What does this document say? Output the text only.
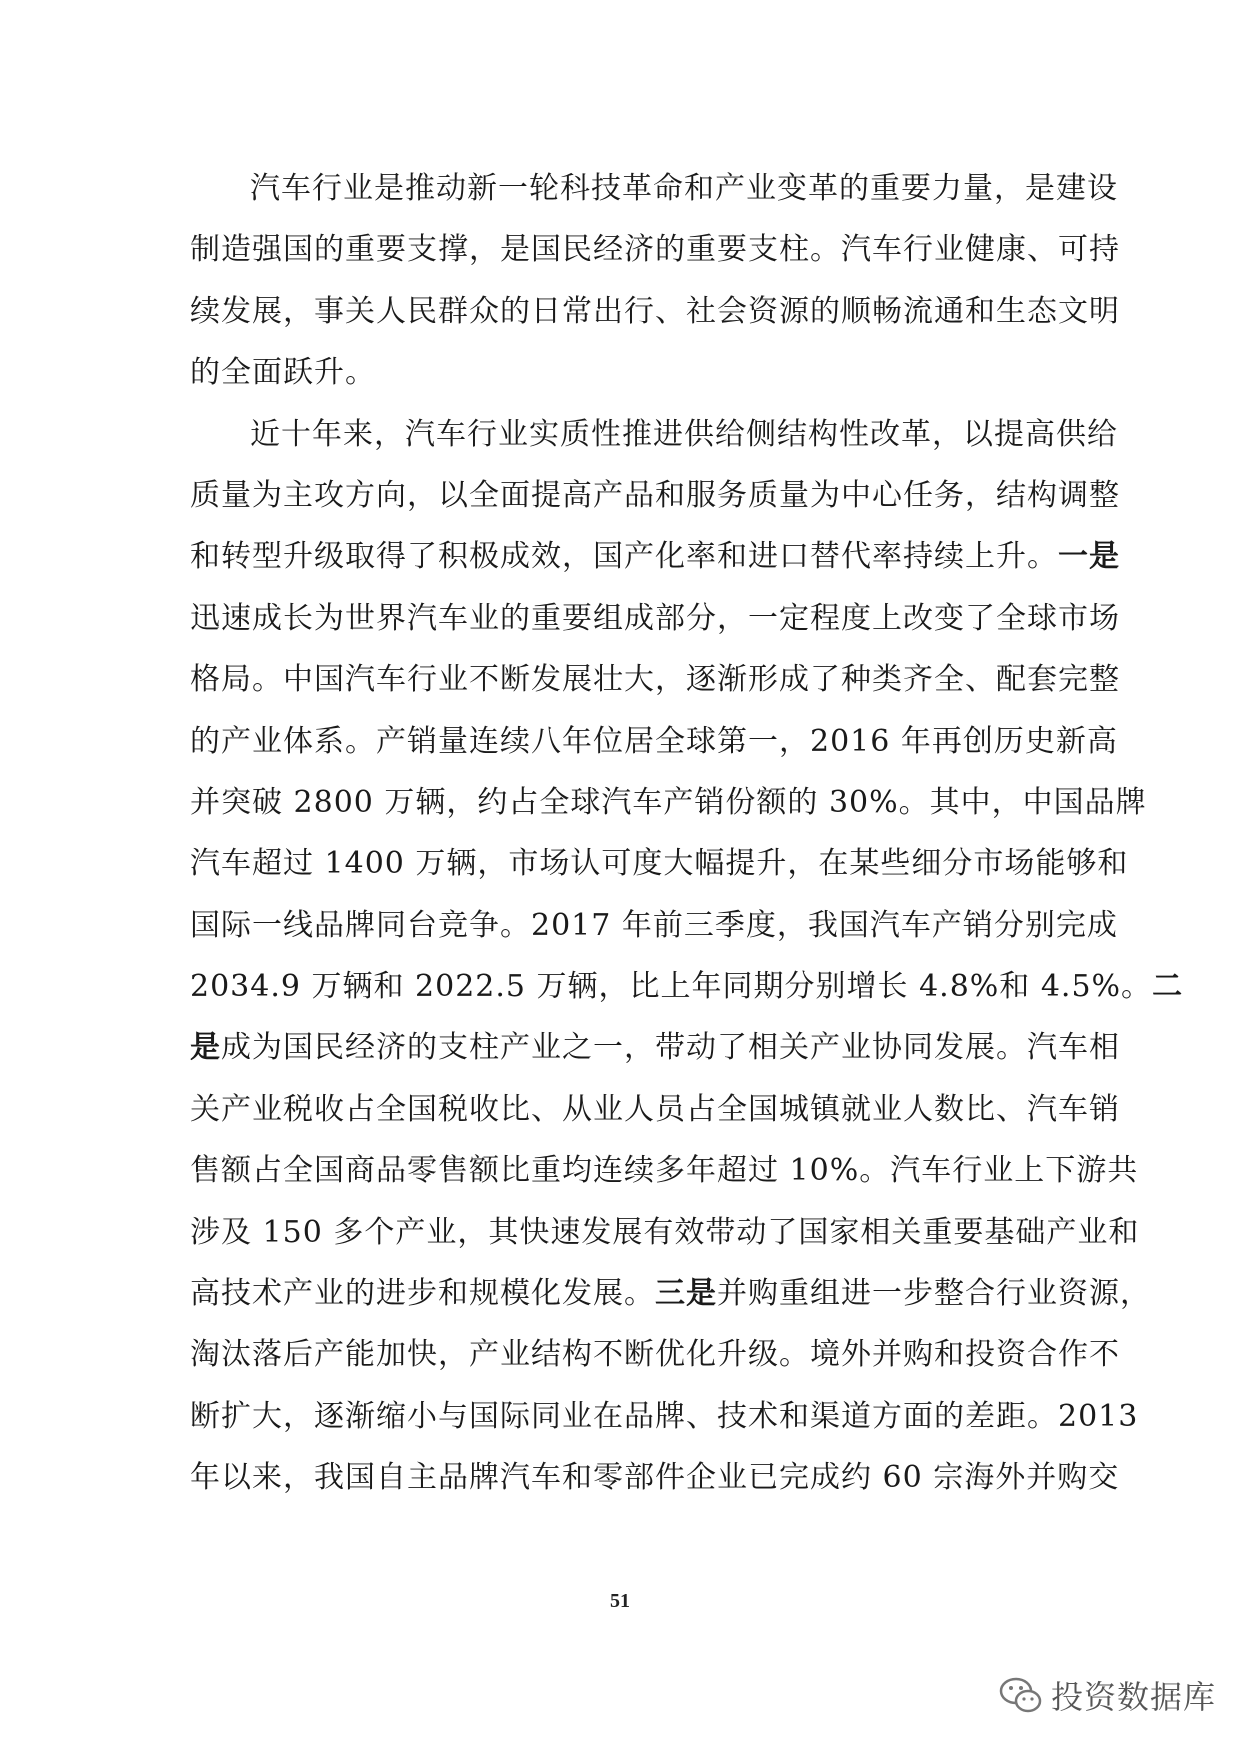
汽车行业是推动新一轮科技革命和产业变革的重要力量，是建设
制造强国的重要支撑，是国民经济的重要支柱。汽车行业健康、可持
续发展，事关人民群众的日常出行、社会资源的顺畅流通和生态文明
的全面跃升。
近十年来，汽车行业实质性推进供给侧结构性改革，以提高供给
质量为主攻方向，以全面提高产品和服务质量为中心任务，结构调整
和转型升级取得了积极成效，国产化率和进口替代率持续上升。一是
迅速成长为世界汽车业的重要组成部分，一定程度上改变了全球市场
格局。中国汽车行业不断发展壮大，逐渐形成了种类齐全、配套完整
的产业体系。产销量连续八年位居全球第一，2016 年再创历史新高
并突破 2800 万辆，约占全球汽车产销份额的 30%。其中，中国品牌
汽车超过 1400 万辆，市场认可度大幅提升，在某些细分市场能够和
国际一线品牌同台竞争。2017 年前三季度，我国汽车产销分别完成
2034.9 万辆和 2022.5 万辆，比上年同期分别增长 4.8%和 4.5%。二
是成为国民经济的支柱产业之一，带动了相关产业协同发展。汽车相
关产业税收占全国税收比、从业人员占全国城镇就业人数比、汽车销
售额占全国商品零售额比重均连续多年超过 10%。汽车行业上下游共
涉及 150 多个产业，其快速发展有效带动了国家相关重要基础产业和
高技术产业的进步和规模化发展。三是并购重组进一步整合行业资源，
淘汰落后产能加快，产业结构不断优化升级。境外并购和投资合作不
断扩大，逐渐缩小与国际同业在品牌、技术和渠道方面的差距。2013
年以来，我国自主品牌汽车和零部件企业已完成约 60 宗海外并购交
51
投资数据库
